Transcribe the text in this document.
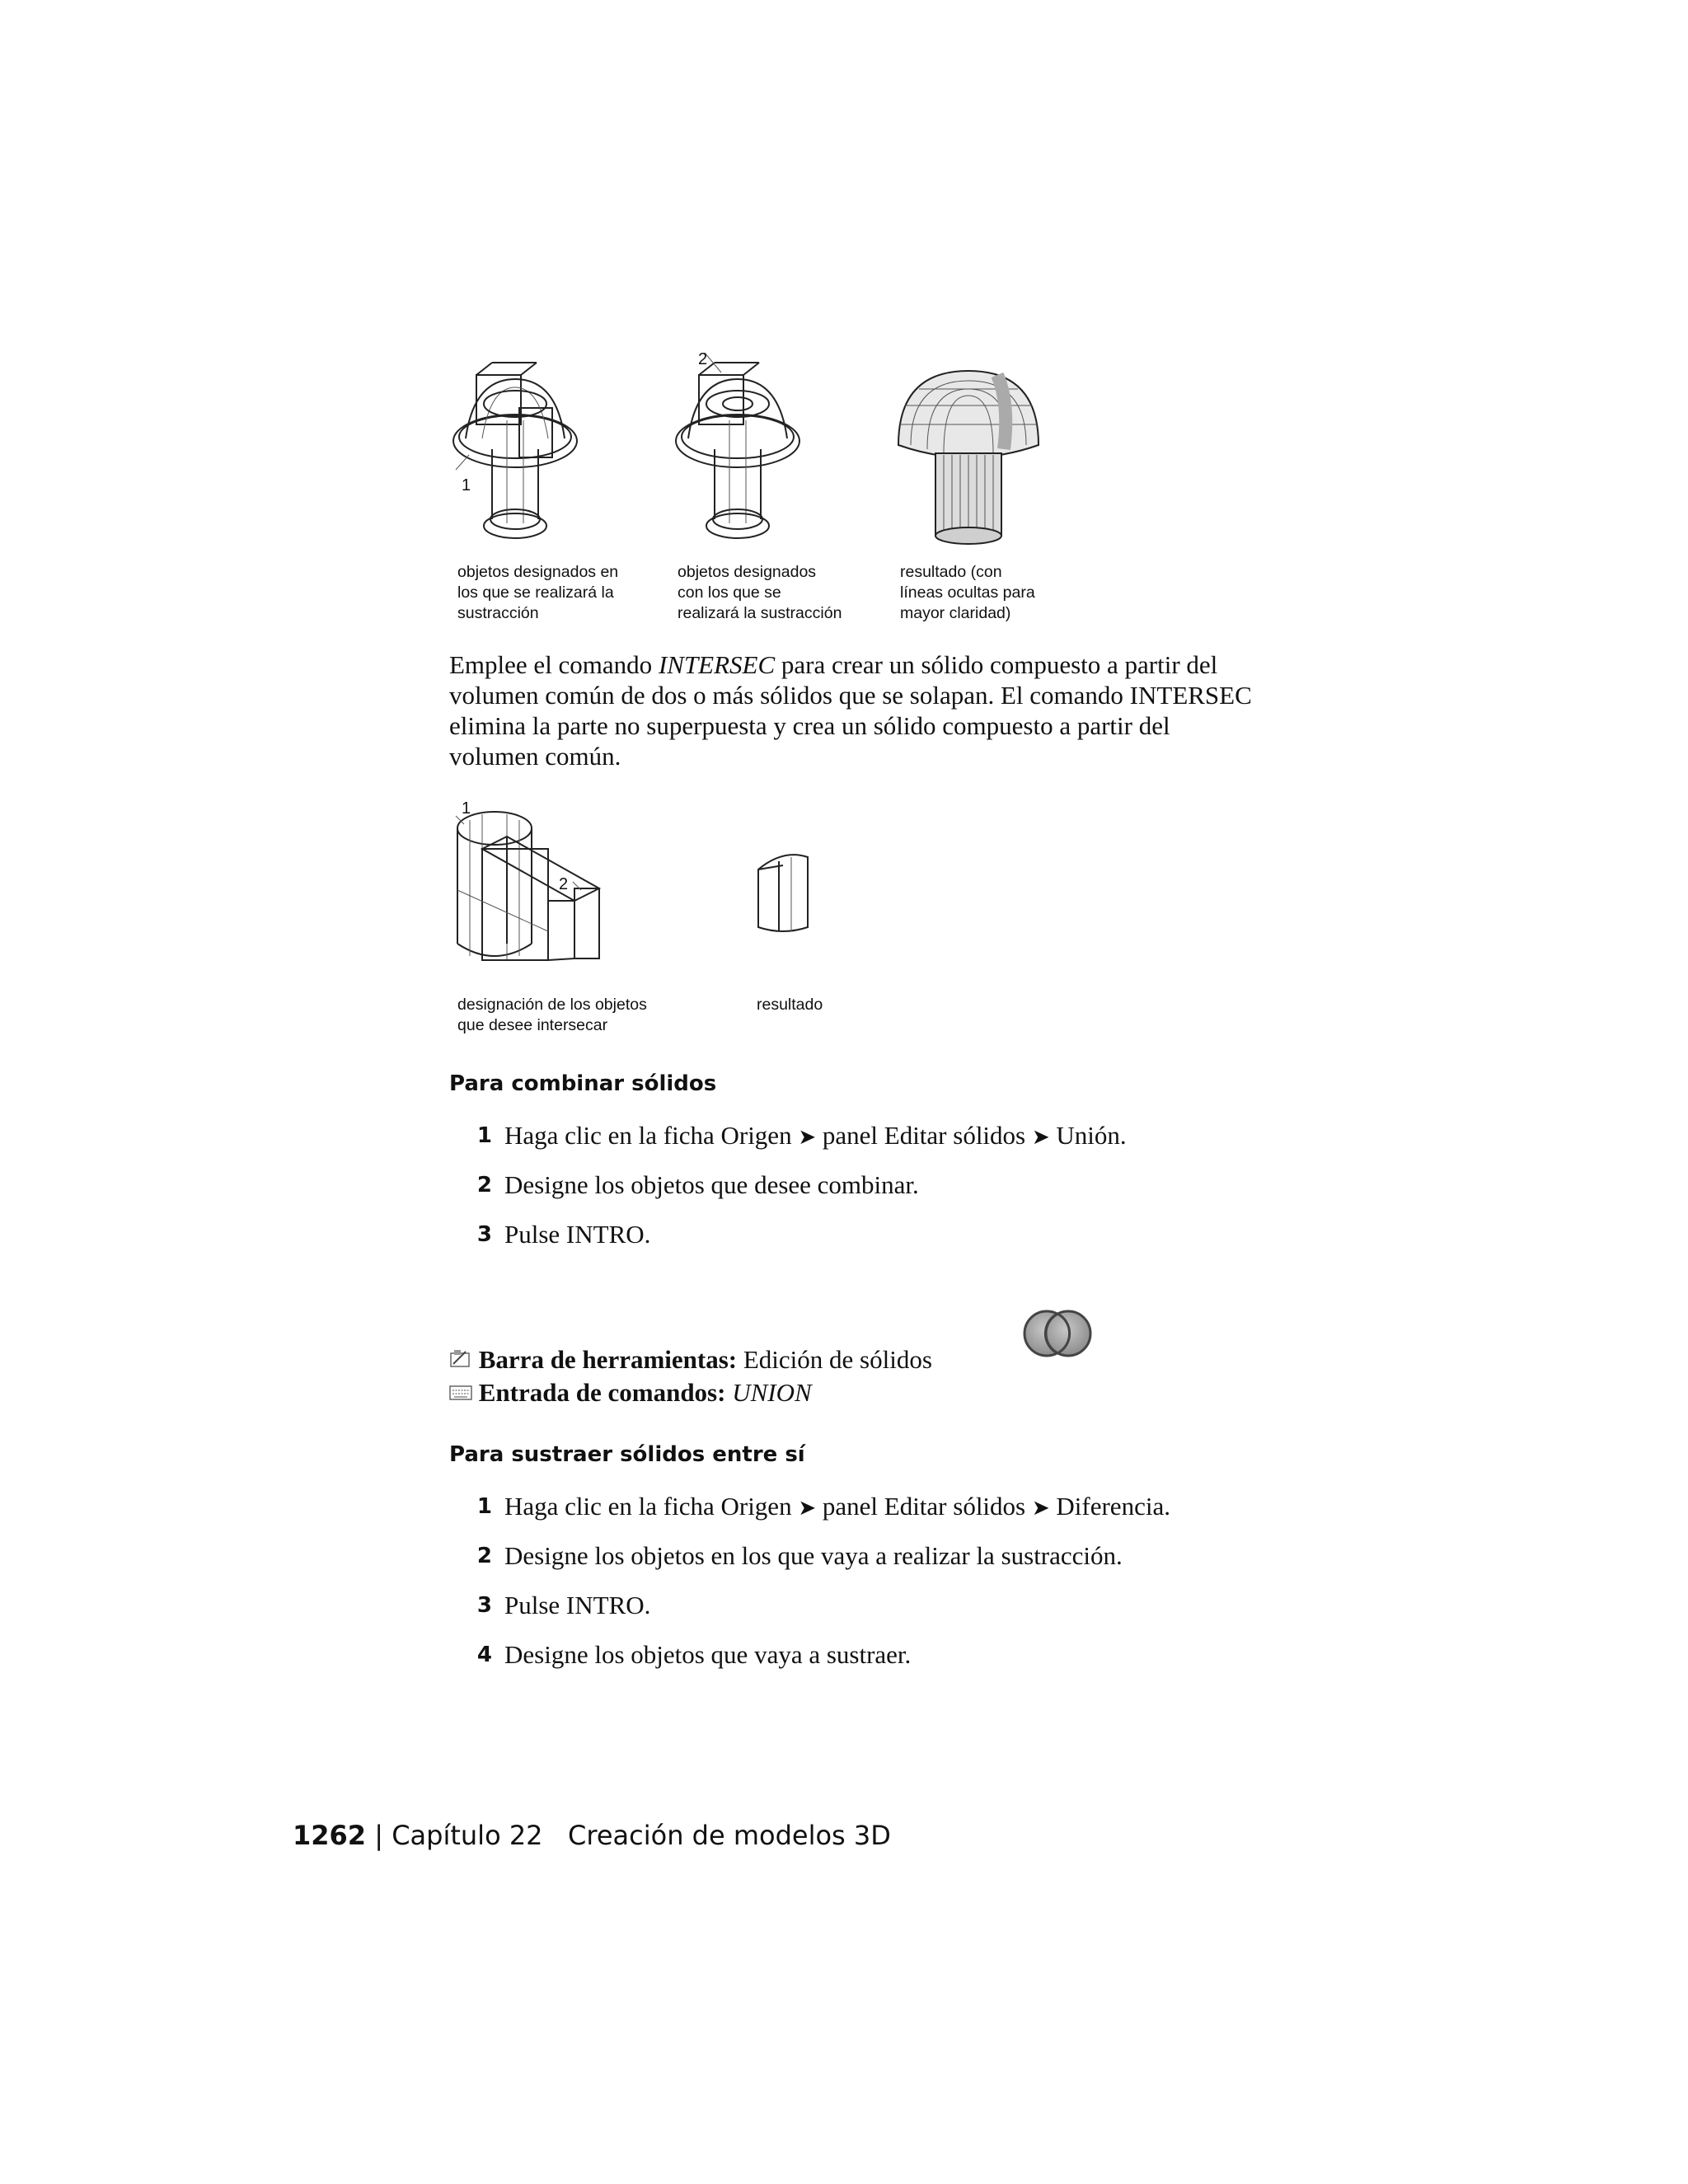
1
2

objetos designados en
los que se realizará la
sustracción

objetos designados
con los que se
realizará la sustracción

resultado (con
líneas ocultas para
mayor claridad)

Emplee el comando INTERSEC para crear un sólido compuesto a partir del
volumen común de dos o más sólidos que se solapan. El comando INTERSEC
elimina la parte no superpuesta y crea un sólido compuesto a partir del
volumen común.

1
2

designación de los objetos
que desee intersecar

resultado

Para combinar sólidos
1 Haga clic en la ficha Origen ➤ panel Editar sólidos ➤ Unión.
2 Designe los objetos que desee combinar.
3 Pulse INTRO.
Barra de herramientas: Edición de sólidos
Entrada de comandos: UNION
Para sustraer sólidos entre sí
1 Haga clic en la ficha Origen ➤ panel Editar sólidos ➤ Diferencia.
2 Designe los objetos en los que vaya a realizar la sustracción.
3 Pulse INTRO.
4 Designe los objetos que vaya a sustraer.
1262 | Capítulo 22 Creación de modelos 3D
